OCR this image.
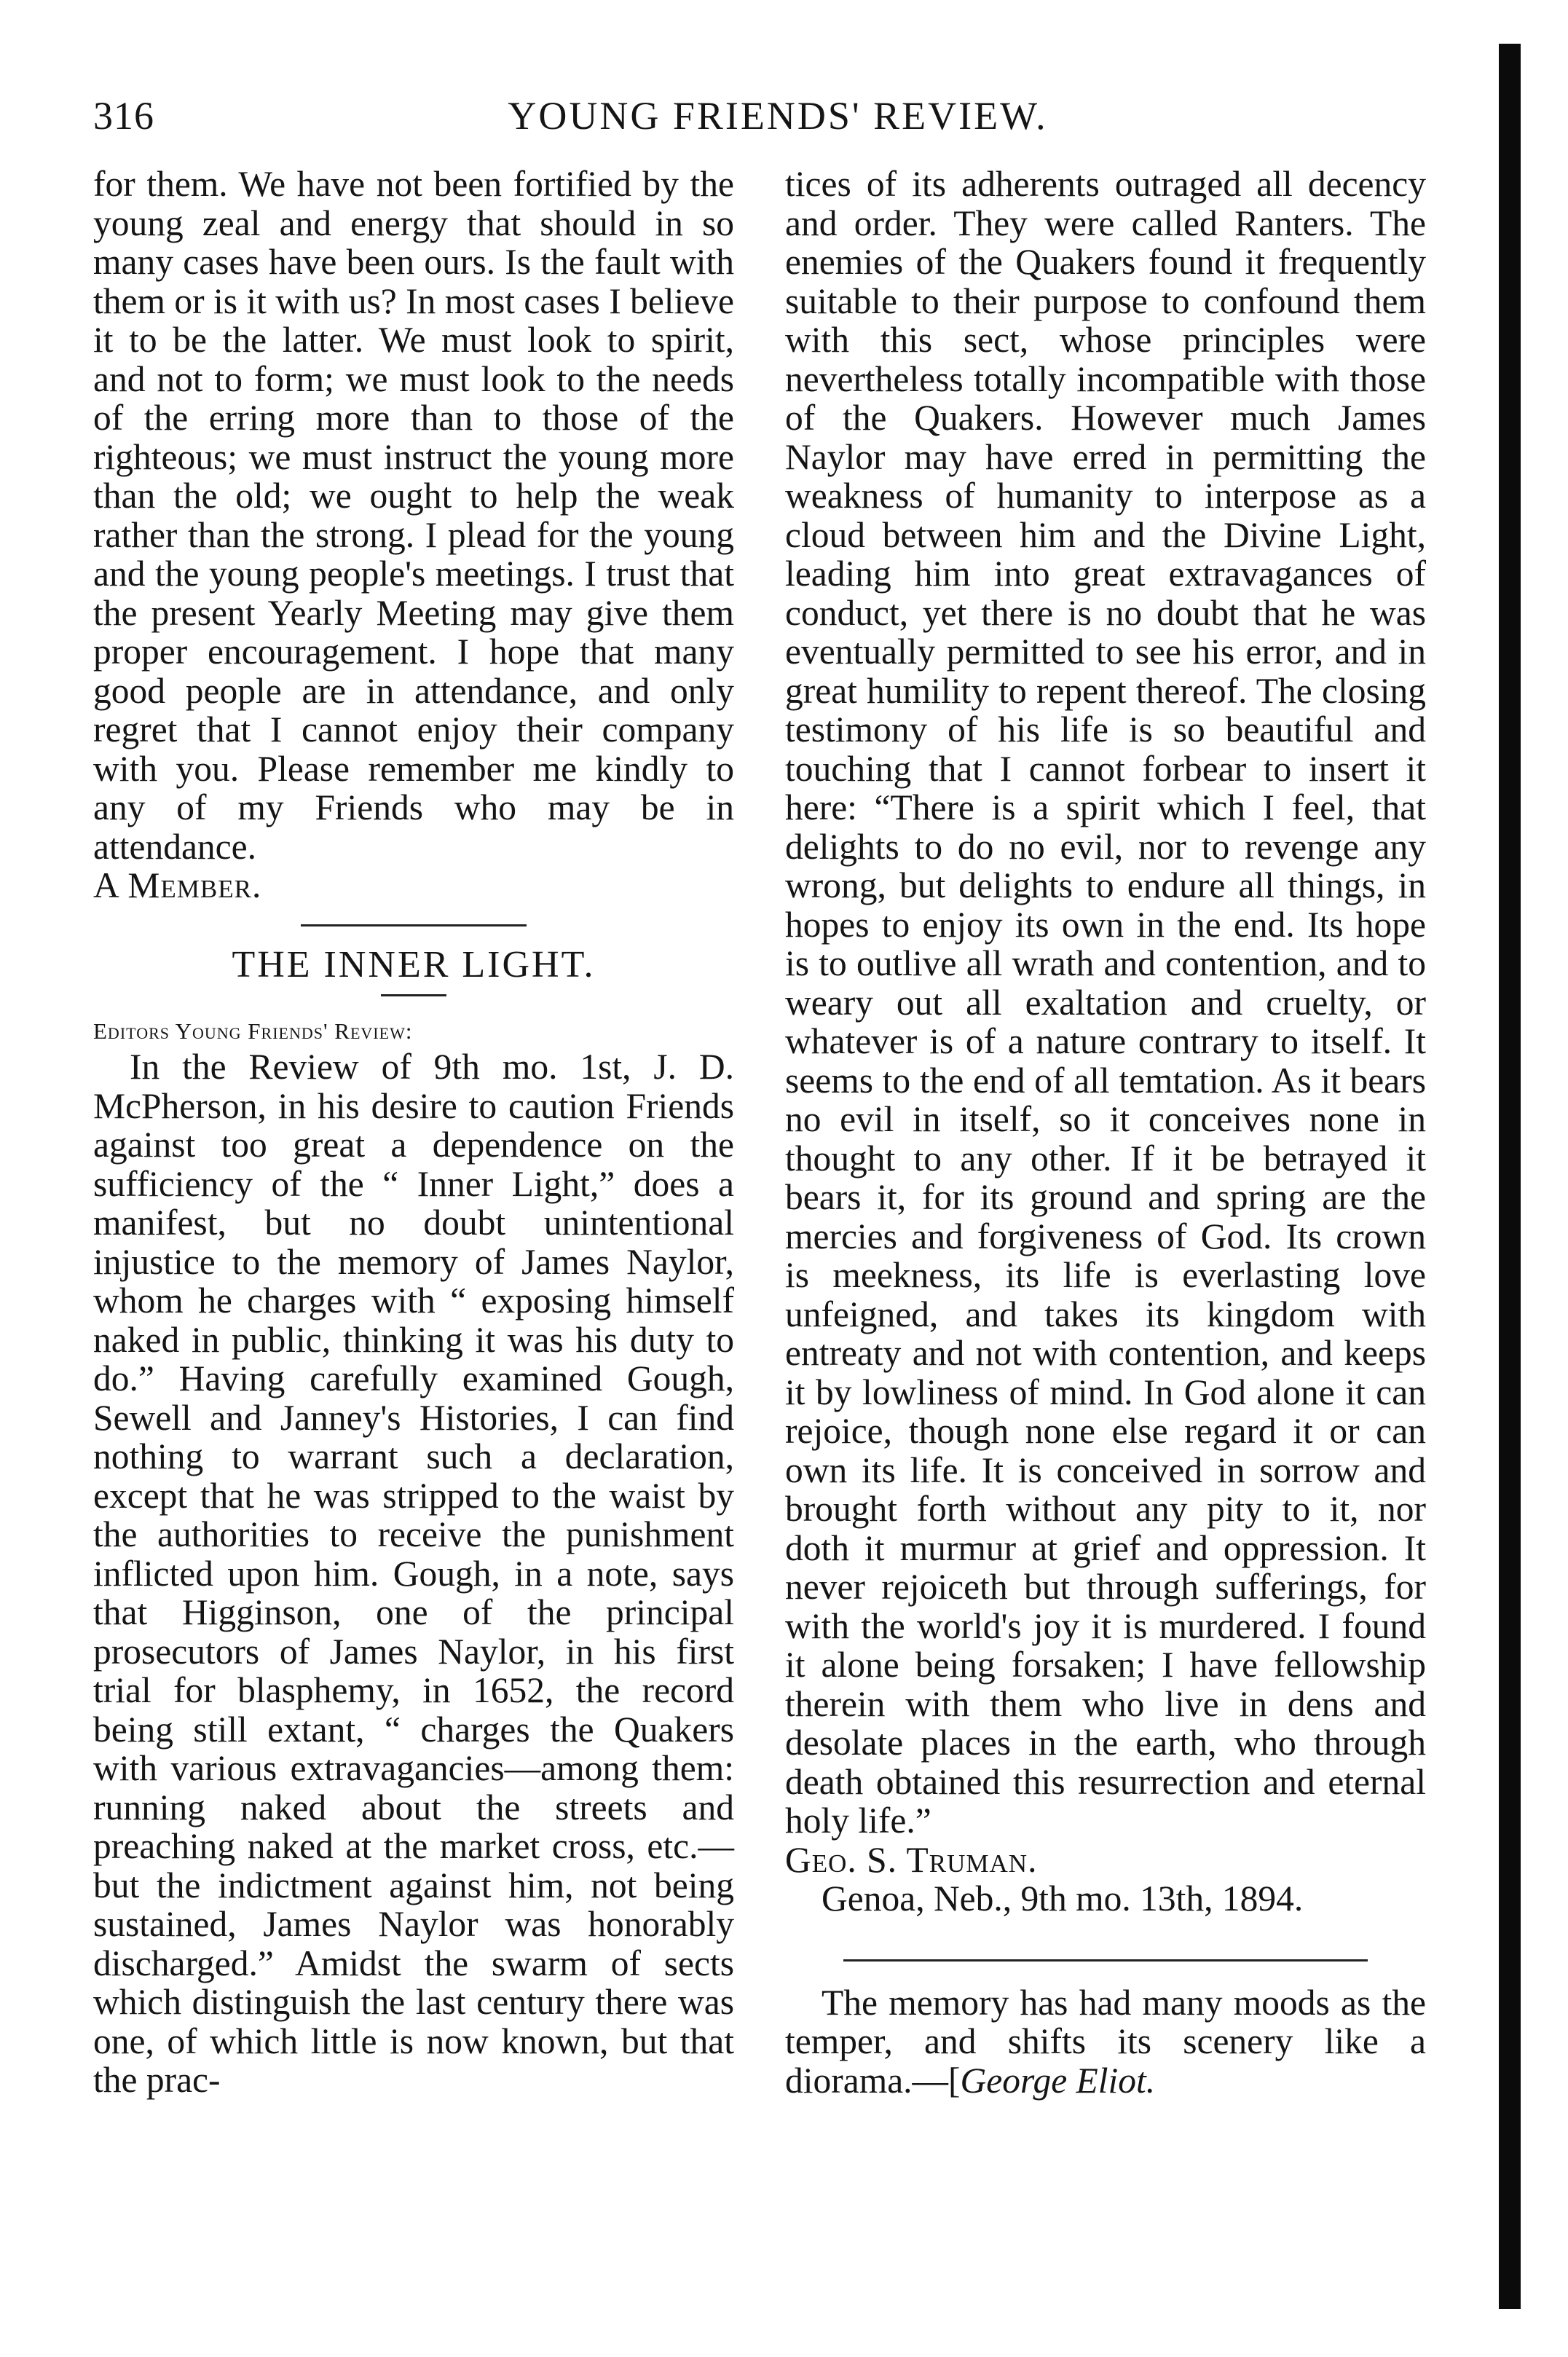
316	YOUNG FRIENDS' REVIEW.

for them. We have not been fortified by the young zeal and energy that should in so many cases have been ours. Is the fault with them or is it with us? In most cases I believe it to be the latter. We must look to spirit, and not to form; we must look to the needs of the erring more than to those of the righteous; we must instruct the young more than the old; we ought to help the weak rather than the strong. I plead for the young and the young people's meetings. I trust that the present Yearly Meeting may give them proper encouragement. I hope that many good people are in attendance, and only regret that I cannot enjoy their company with you. Please remember me kindly to any of my Friends who may be in attendance.

A Member.

THE INNER LIGHT.

Editors Young Friends' Review:

In the Review of 9th mo. 1st, J. D. McPherson, in his desire to caution Friends against too great a dependence on the sufficiency of the “ Inner Light,” does a manifest, but no doubt unintentional injustice to the memory of James Naylor, whom he charges with “ exposing himself naked in public, thinking it was his duty to do.” Having carefully examined Gough, Sewell and Janney's Histories, I can find nothing to warrant such a declaration, except that he was stripped to the waist by the authorities to receive the punishment inflicted upon him. Gough, in a note, says that Higginson, one of the principal prosecutors of James Naylor, in his first trial for blasphemy, in 1652, the record being still extant, “ charges the Quakers with various extravagancies—among them: running naked about the streets and preaching naked at the market cross, etc.—but the indictment against him, not being sustained, James Naylor was honorably discharged.” Amidst the swarm of sects which distinguish the last century there was one, of which little is now known, but that the prac-

tices of its adherents outraged all decency and order. They were called Ranters. The enemies of the Quakers found it frequently suitable to their purpose to confound them with this sect, whose principles were nevertheless totally incompatible with those of the Quakers. However much James Naylor may have erred in permitting the weakness of humanity to interpose as a cloud between him and the Divine Light, leading him into great extravagances of conduct, yet there is no doubt that he was eventually permitted to see his error, and in great humility to repent thereof. The closing testimony of his life is so beautiful and touching that I cannot forbear to insert it here: “There is a spirit which I feel, that delights to do no evil, nor to revenge any wrong, but delights to endure all things, in hopes to enjoy its own in the end. Its hope is to outlive all wrath and contention, and to weary out all exaltation and cruelty, or whatever is of a nature contrary to itself. It seems to the end of all temtation. As it bears no evil in itself, so it conceives none in thought to any other. If it be betrayed it bears it, for its ground and spring are the mercies and forgiveness of God. Its crown is meekness, its life is everlasting love unfeigned, and takes its kingdom with entreaty and not with contention, and keeps it by lowliness of mind. In God alone it can rejoice, though none else regard it or can own its life. It is conceived in sorrow and brought forth without any pity to it, nor doth it murmur at grief and oppression. It never rejoiceth but through sufferings, for with the world's joy it is murdered. I found it alone being forsaken; I have fellowship therein with them who live in dens and desolate places in the earth, who through death obtained this resurrection and eternal holy life.”

Geo. S. Truman.

Genoa, Neb., 9th mo. 13th, 1894.

The memory has had many moods as the temper, and shifts its scenery like a diorama.—[George Eliot.
